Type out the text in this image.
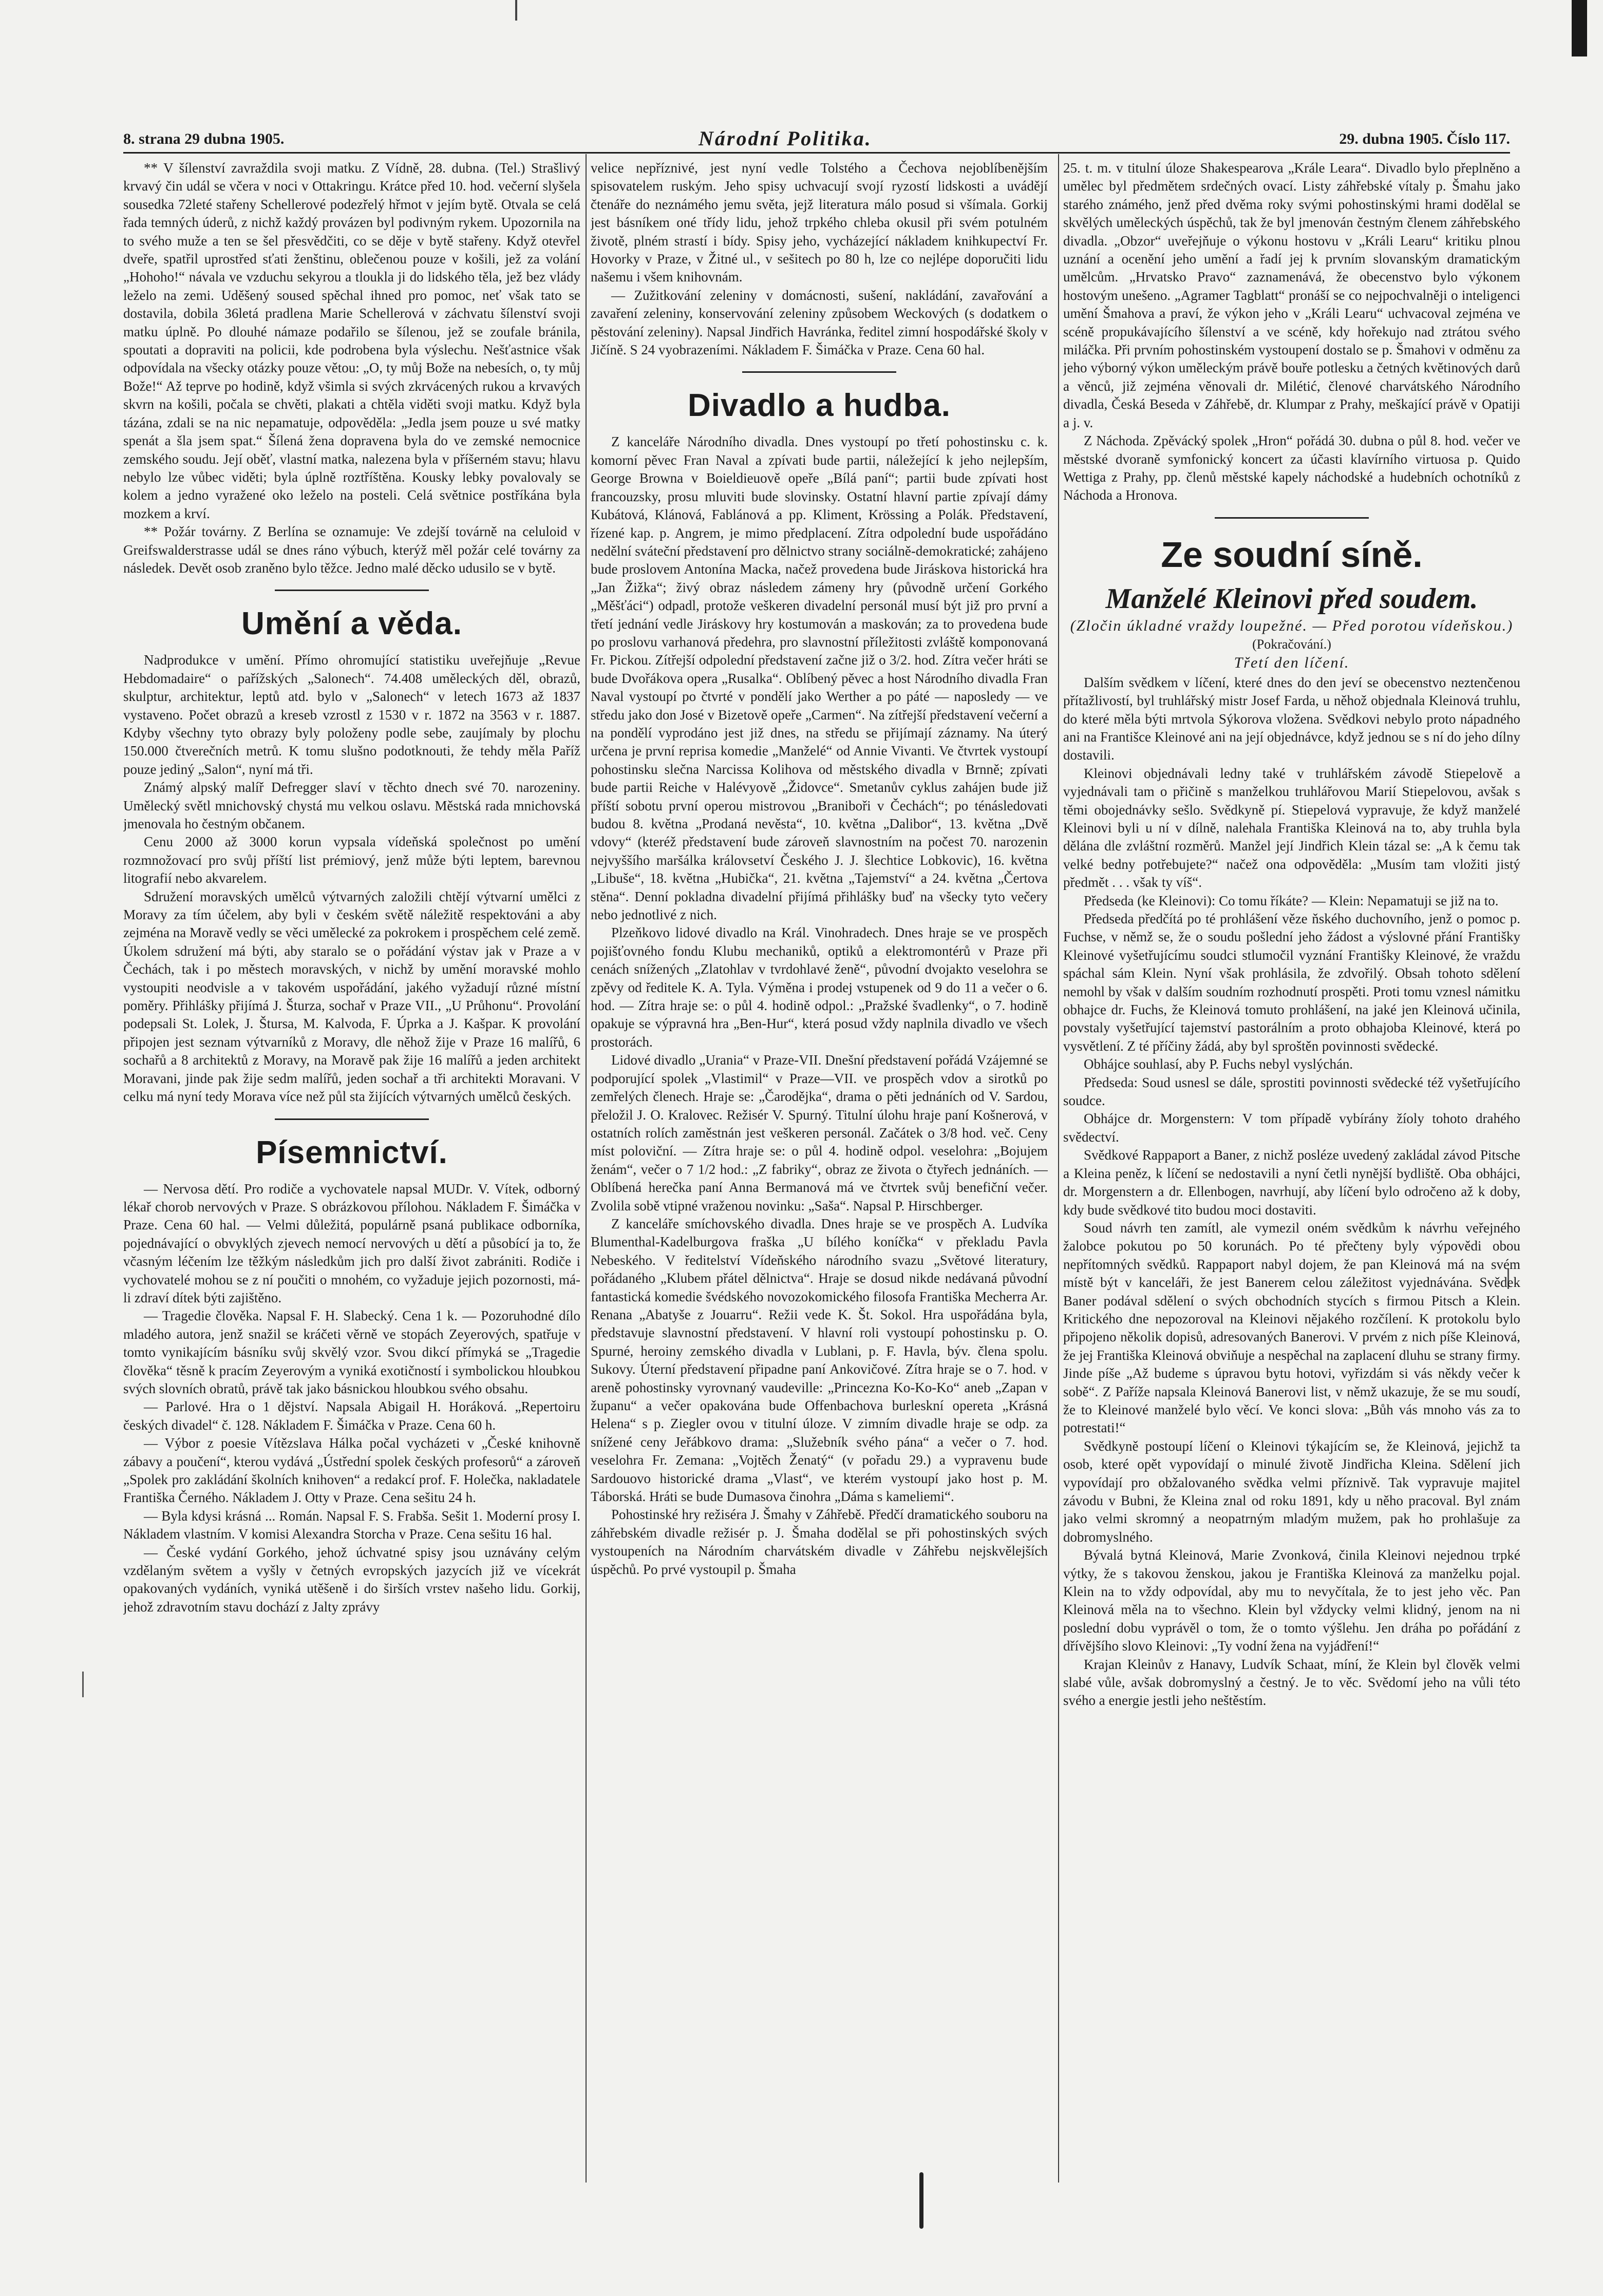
8. strana 29 dubna 1905.	Národní Politika.	29. dubna 1905. Číslo 117.

** V šílenství zavraždila svoji matku. Z Vídně, 28. dubna. (Tel.) Strašlivý krvavý čin udál se včera v noci v Ottakringu. Krátce před 10. hod. večerní slyšela sousedka 72leté stařeny Schellerové podezřelý hřmot v jejím bytě. Otvala se celá řada temných úderů, z nichž každý provázen byl podivným rykem. Upozornila na to svého muže a ten se šel přesvědčiti, co se děje v bytě stařeny. Když otevřel dveře, spatřil uprostřed sťati ženštinu, oblečenou pouze v košili, jež za volání „Hohoho!“ návala ve vzduchu sekyrou a tloukla ji do lidského těla, jež bez vlády leželo na zemi. Uděšený soused spěchal ihned pro pomoc, neť však tato se dostavila, dobila 36letá pradlena Marie Schellerová v záchvatu šílenství svoji matku úplně. Po dlouhé námaze podařilo se šílenou, jež se zoufale bránila, spoutati a dopraviti na policii, kde podrobena byla výslechu. Nešťastnice však odpovídala na všecky otázky pouze větou: „O, ty můj Bože na nebesích, o, ty můj Bože!“ Až teprve po hodině, když všimla si svých zkrvácených rukou a krvavých skvrn na košili, počala se chvěti, plakati a chtěla viděti svoji matku. Když byla tázána, zdali se na nic nepamatuje, odpověděla: „Jedla jsem pouze u své matky spenát a šla jsem spat.“ Šílená žena dopravena byla do ve zemské nemocnice zemského soudu. Její oběť, vlastní matka, nalezena byla v příšerném stavu; hlavu nebylo lze vůbec viděti; byla úplně roztříštěna. Kousky lebky povalovaly se kolem a jedno vyražené oko leželo na posteli. Celá světnice postříkána byla mozkem a krví.

** Požár továrny. Z Berlína se oznamuje: Ve zdejší továrně na celuloid v Greifswalderstrasse udál se dnes ráno výbuch, kterýž měl požár celé továrny za následek. Devět osob zraněno bylo těžce. Jedno malé děcko udusilo se v bytě.

Umění a věda.

Nadprodukce v umění. Přímo ohromující statistiku uveřejňuje „Revue Hebdomadaire“ o pařížských „Salonech“. 74.408 uměleckých děl, obrazů, skulptur, architektur, leptů atd. bylo v „Salonech“ v letech 1673 až 1837 vystaveno. Počet obrazů a kreseb vzrostl z 1530 v r. 1872 na 3563 v r. 1887. Kdyby všechny tyto obrazy byly položeny podle sebe, zaujímaly by plochu 150.000 čtverečních metrů. K tomu slušno podotknouti, že tehdy měla Paříž pouze jediný „Salon“, nyní má tři.

Známý alpský malíř Defregger slaví v těchto dnech své 70. narozeniny. Umělecký světl mnichovský chystá mu velkou oslavu. Městská rada mnichovská jmenovala ho čestným občanem.

Cenu 2000 až 3000 korun vypsala vídeňská společnost po umění rozmnožovací pro svůj příští list prémiový, jenž může býti leptem, barevnou litografií nebo akvarelem.

Sdružení moravských umělců výtvarných založili chtějí výtvarní umělci z Moravy za tím účelem, aby byli v českém světě náležitě respektováni a aby zejména na Moravě vedly se věci umělecké za pokrokem i prospěchem celé země. Úkolem sdružení má býti, aby staralo se o pořádání výstav jak v Praze a v Čechách, tak i po městech moravských, v nichž by umění moravské mohlo vystoupiti neodvisle a v takovém uspořádání, jakého vyžadují různé místní poměry. Přihlášky přijímá J. Šturza, sochař v Praze VII., „U Průhonu“. Provolání podepsali St. Lolek, J. Štursa, M. Kalvoda, F. Úprka a J. Kašpar. K provolání připojen jest seznam výtvarníků z Moravy, dle něhož žije v Praze 16 malířů, 6 sochařů a 8 architektů z Moravy, na Moravě pak žije 16 malířů a jeden architekt Moravani, jinde pak žije sedm malířů, jeden sochař a tři architekti Moravani. V celku má nyní tedy Morava více než půl sta žijících výtvarných umělců českých.

Písemnictví.

— Nervosa dětí. Pro rodiče a vychovatele napsal MUDr. V. Vítek, odborný lékař chorob nervových v Praze. S obrázkovou přílohou. Nákladem F. Šimáčka v Praze. Cena 60 hal. — Velmi důležitá, populárně psaná publikace odborníka, pojednávající o obvyklých zjevech nemocí nervových u dětí a působící ja to, že včasným léčením lze těžkým následkům jich pro další život zabrániti. Rodiče i vychovatelé mohou se z ní poučiti o mnohém, co vyžaduje jejich pozornosti, má-li zdraví dítek býti zajištěno.

— Tragedie člověka. Napsal F. H. Slabecký. Cena 1 k. — Pozoruhodné dílo mladého autora, jenž snažil se kráčeti věrně ve stopách Zeyerových, spatřuje v tomto vynikajícím básníku svůj skvělý vzor. Svou dikcí přímyká se „Tragedie člověka“ těsně k pracím Zeyerovým a vyniká exotičností i symbolickou hloubkou svých slovních obratů, právě tak jako básnickou hloubkou svého obsahu.

— Parlové. Hra o 1 dějství. Napsala Abigail H. Horáková. „Repertoiru českých divadel“ č. 128. Nákladem F. Šimáčka v Praze. Cena 60 h.

— Výbor z poesie Vítězslava Hálka počal vycházeti v „České knihovně zábavy a poučení“, kterou vydává „Ústřední spolek českých profesorů“ a zároveň „Spolek pro zakládání školních knihoven“ a redakcí prof. F. Holečka, nakladatele Františka Černého. Nákladem J. Otty v Praze. Cena sešitu 24 h.

— Byla kdysi krásná ... Román. Napsal F. S. Frabša. Sešit 1. Moderní prosy I. Nákladem vlastním. V komisi Alexandra Storcha v Praze. Cena sešitu 16 hal.

— České vydání Gorkého, jehož úchvatné spisy jsou uznávány celým vzdělaným světem a vyšly v četných evropských jazycích již ve vícekrát opakovaných vydáních, vyniká utěšeně i do širších vrstev našeho lidu. Gorkij, jehož zdravotním stavu dochází z Jalty zprávy

velice nepříznivé, jest nyní vedle Tolstého a Čechova nejoblíbenějším spisovatelem ruským. Jeho spisy uchvacují svojí ryzostí lidskosti a uvádějí čtenáře do neznámého jemu světa, jejž literatura málo posud si všímala. Gorkij jest básníkem oné třídy lidu, jehož trpkého chleba okusil při svém potulném životě, plném strastí i bídy. Spisy jeho, vycházející nákladem knihkupectví Fr. Hovorky v Praze, v Žitné ul., v sešitech po 80 h, lze co nejlépe doporučiti lidu našemu i všem knihovnám.

— Zužitkování zeleniny v domácnosti, sušení, nakládání, zavařování a zavaření zeleniny, konservování zeleniny způsobem Weckových (s dodatkem o pěstování zeleniny). Napsal Jindřich Havránka, ředitel zimní hospodářské školy v Jičíně. S 24 vyobrazeními. Nákladem F. Šimáčka v Praze. Cena 60 hal.

Divadlo a hudba.

Z kanceláře Národního divadla. Dnes vystoupí po třetí pohostinsku c. k. komorní pěvec Fran Naval a zpívati bude partii, náležející k jeho nejlepším, George Browna v Boieldieuově opeře „Bílá paní“; partii bude zpívati host francouzsky, prosu mluviti bude slovinsky. Ostatní hlavní partie zpívají dámy Kubátová, Klánová, Fablánová a pp. Kliment, Krössing a Polák. Představení, řízené kap. p. Angrem, je mimo předplacení. Zítra odpolední bude uspořádáno nedělní sváteční představení pro dělnictvo strany sociálně-demokratické; zahájeno bude proslovem Antonína Macka, načež provedena bude Jiráskova historická hra „Jan Žižka“; živý obraz následem zámeny hry (původně určení Gorkého „Měšťáci“) odpadl, protože veškeren divadelní personál musí být již pro první a třetí jednání vedle Jiráskovy hry kostumován a maskován; za to provedena bude po proslovu varhanová předehra, pro slavnostní příležitosti zvláště komponovaná Fr. Pickou. Zítřejší odpolední představení začne již o 3/2. hod. Zítra večer hráti se bude Dvořákova opera „Rusalka“. Oblíbený pěvec a host Národního divadla Fran Naval vystoupí po čtvrté v pondělí jako Werther a po páté — naposledy — ve středu jako don José v Bizetově opeře „Carmen“. Na zítřejší představení večerní a na pondělí vyprodáno jest již dnes, na středu se přijímají záznamy. Na úterý určena je první reprisa komedie „Manželé“ od Annie Vivanti. Ve čtvrtek vystoupí pohostinsku slečna Narcissa Kolihova od městského divadla v Brnně; zpívati bude partii Reiche v Halévyově „Židovce“. Smetanův cyklus zahájen bude již příští sobotu první operou mistrovou „Braniboři v Čechách“; po ténásledovati budou 8. května „Prodaná nevěsta“, 10. května „Dalibor“, 13. května „Dvě vdovy“ (kteréž představení bude zároveň slavnostním na počest 70. narozenin nejvyššího maršálka královsetví Českého J. J. šlechtice Lobkovic), 16. května „Libuše“, 18. května „Hubička“, 21. května „Tajemství“ a 24. května „Čertova stěna“. Denní pokladna divadelní přijímá přihlášky buď na všecky tyto večery nebo jednotlivé z nich.

Plzeňkovo lidové divadlo na Král. Vinohradech. Dnes hraje se ve prospěch pojišťovného fondu Klubu mechaniků, optiků a elektromontérů v Praze při cenách snížených „Zlatohlav v tvrdohlavé ženě“, původní dvojakto veselohra se zpěvy od ředitele K. A. Tyla. Výměna i prodej vstupenek od 9 do 11 a večer o 6. hod. — Zítra hraje se: o půl 4. hodině odpol.: „Pražské švadlenky“, o 7. hodině opakuje se výpravná hra „Ben-Hur“, která posud vždy naplnila divadlo ve všech prostorách.

Lidové divadlo „Urania“ v Praze-VII. Dnešní představení pořádá Vzájemné se podporující spolek „Vlastimil“ v Praze—VII. ve prospěch vdov a sirotků po zemřelých členech. Hraje se: „Čarodějka“, drama o pěti jednáních od V. Sardou, přeložil J. O. Kralovec. Režisér V. Spurný. Titulní úlohu hraje paní Košnerová, v ostatních rolích zaměstnán jest veškeren personál. Začátek o 3/8 hod. več. Ceny míst poloviční. — Zítra hraje se: o půl 4. hodině odpol. veselohra: „Bojujem ženám“, večer o 7 1/2 hod.: „Z fabriky“, obraz ze života o čtyřech jednáních. — Oblíbená herečka paní Anna Bermanová má ve čtvrtek svůj benefiční večer. Zvolila sobě vtipné vraženou novinku: „Saša“. Napsal P. Hirschberger.

Z kanceláře smíchovského divadla. Dnes hraje se ve prospěch A. Ludvíka Blumenthal-Kadelburgova fraška „U bílého koníčka“ v překladu Pavla Nebeského. V ředitelství Vídeňského národního svazu „Světové literatury, pořádaného „Klubem přátel dělnictva“. Hraje se dosud nikde nedávaná původní fantastická komedie švédského novozokomického filosofa Františka Mecherra Ar. Renana „Abatyše z Jouarru“. Režii vede K. Št. Sokol. Hra uspořádána byla, představuje slavnostní představení. V hlavní roli vystoupí pohostinsku p. O. Spurné, heroiny zemského divadla v Lublani, p. F. Havla, býv. člena spolu. Sukovy. Úterní představení připadne paní Ankovičové. Zítra hraje se o 7. hod. v areně pohostinsky vyrovnaný vaudeville: „Princezna Ko-Ko-Ko“ aneb „Zapan v županu“ a večer opakována bude Offenbachova burleskní opereta „Krásná Helena“ s p. Ziegler ovou v titulní úloze. V zimním divadle hraje se odp. za snížené ceny Jeřábkovo drama: „Služebník svého pána“ a večer o 7. hod. veselohra Fr. Zemana: „Vojtěch Ženatý“ (v pořadu 29.) a vypravenu bude Sardouovo historické drama „Vlast“, ve kterém vystoupí jako host p. M. Táborská. Hráti se bude Dumasova činohra „Dáma s kameliemi“.

Pohostinské hry režiséra J. Šmahy v Záhřebě. Předčí dramatického souboru na záhřebském divadle režisér p. J. Šmaha dodělal se při pohostinských svých vystoupeních na Národním charvátském divadle v Záhřebu nejskvělejších úspěchů. Po prvé vystoupil p. Šmaha

25. t. m. v titulní úloze Shakespearova „Krále Leara“. Divadlo bylo přeplněno a umělec byl předmětem srdečných ovací. Listy záhřebské vítaly p. Šmahu jako starého známého, jenž před dvěma roky svými pohostinskými hrami dodělal se skvělých uměleckých úspěchů, tak že byl jmenován čestným členem záhřebského divadla. „Obzor“ uveřejňuje o výkonu hostovu v „Králi Learu“ kritiku plnou uznání a ocenění jeho umění a řadí jej k prvním slovanským dramatickým umělcům. „Hrvatsko Pravo“ zaznamenává, že obecenstvo bylo výkonem hostovým unešeno. „Agramer Tagblatt“ pronáší se co nejpochvalněji o inteligenci umění Šmahova a praví, že výkon jeho v „Králi Learu“ uchvacoval zejména ve scéně propukávajícího šílenství a ve scéně, kdy hořekujo nad ztrátou svého miláčka. Při prvním pohostinském vystoupení dostalo se p. Šmahovi v odměnu za jeho výborný výkon uměleckým právě bouře potlesku a četných květinových darů a věnců, již zejména věnovali dr. Milétić, členové charvátského Národního divadla, Česká Beseda v Záhřebě, dr. Klumpar z Prahy, meškající právě v Opatiji a j. v.

Z Náchoda. Zpěvácký spolek „Hron“ pořádá 30. dubna o půl 8. hod. večer ve městské dvoraně symfonický koncert za účasti klavírního virtuosa p. Quido Wettiga z Prahy, pp. členů městské kapely náchodské a hudebních ochotníků z Náchoda a Hronova.

Ze soudní síně.
Manželé Kleinovi před soudem.
(Zločin úkladné vraždy loupežné. — Před porotou vídeňskou.)
(Pokračování.)
Třetí den líčení.

Dalším svědkem v líčení, které dnes do den jeví se obecenstvo neztenčenou přítažlivostí, byl truhlářský mistr Josef Farda, u něhož objednala Kleinová truhlu, do které měla býti mrtvola Sýkorova vložena. Svědkovi nebylo proto nápadného ani na Františce Kleinové ani na její objednávce, když jednou se s ní do jeho dílny dostavili.

Kleinovi objednávali ledny také v truhlářském závodě Stiepelově a vyjednávali tam o přičině s manželkou truhlářovou Marií Stiepelovou, avšak s těmi obojednávky sešlo. Svědkyně pí. Stiepelová vypravuje, že když manželé Kleinovi byli u ní v dílně, nalehala Františka Kleinová na to, aby truhla byla dělána dle zvláštní rozměrů. Manžel její Jindřich Klein tázal se: „A k čemu tak velké bedny potřebujete?“ načež ona odpověděla: „Musím tam vložiti jistý předmět . . . však ty víš“.

Předseda (ke Kleinovi): Co tomu říkáte? — Klein: Nepamatuji se již na to.

Předseda předčítá po té prohlášení věze ňského duchovního, jenž o pomoc p. Fuchse, v němž se, že o soudu pošlední jeho žádost a výslovné přání Františky Kleinové vyšetřujícímu soudci stlumočil vyznání Františky Kleinové, že vraždu spáchal sám Klein. Nyní však prohlásila, že zdvořilý. Obsah tohoto sdělení nemohl by však v dalším soudním rozhodnutí prospěti. Proti tomu vznesl námitku obhajce dr. Fuchs, že Kleinová tomuto prohlášení, na jaké jen Kleinová učinila, povstaly vyšetřující tajemství pastorálním a proto obhajoba Kleinové, která po vysvětlení. Z té příčiny žádá, aby byl sproštěn povinnosti svědecké.

Obhájce souhlasí, aby P. Fuchs nebyl vyslýchán.

Předseda: Soud usnesl se dále, sprostiti povinnosti svědecké též vyšetřujícího soudce.

Obhájce dr. Morgenstern: V tom případě vybírány žíoly tohoto drahého svědectví.

Svědkové Rappaport a Baner, z nichž posléze uvedený zakládal závod Pitsche a Kleina peněz, k líčení se nedostavili a nyní četli nynější bydliště. Oba obhájci, dr. Morgenstern a dr. Ellenbogen, navrhují, aby líčení bylo odročeno až k doby, kdy bude svědkové tito budou moci dostaviti.

Soud návrh ten zamítl, ale vymezil oném svědkům k návrhu veřejného žalobce pokutou po 50 korunách. Po té přečteny byly výpovědi obou nepřítomných svědků. Rappaport nabyl dojem, že pan Kleinová má na svém místě být v kanceláři, že jest Banerem celou záležitost vyjednávána. Svědek Baner podával sdělení o svých obchodních stycích s firmou Pitsch a Klein. Kritického dne nepozoroval na Kleinovi nějakého rozčílení. K protokolu bylo připojeno několik dopisů, adresovaných Banerovi. V prvém z nich píše Kleinová, že jej Františka Kleinová obviňuje a nespěchal na zaplacení dluhu se strany firmy. Jinde píše „Až budeme s úpravou bytu hotovi, vyřizdám si vás někdy večer k sobě“. Z Paříže napsala Kleinová Banerovi list, v němž ukazuje, že se mu soudí, že to Kleinové manželé bylo věcí. Ve konci slova: „Bůh vás mnoho vás za to potrestati!“

Svědkyně postoupí líčení o Kleinovi týkajícím se, že Kleinová, jejichž ta osob, které opět vypovídají o minulé životě Jindřicha Kleina. Sdělení jich vypovídají pro obžalovaného svědka velmi příznivě. Tak vypravuje majitel závodu v Bubni, že Kleina znal od roku 1891, kdy u něho pracoval. Byl znám jako velmi skromný a neopatrným mladým mužem, pak ho prohlašuje za dobromyslného.

Bývalá bytná Kleinová, Marie Zvonková, činila Kleinovi nejednou trpké výtky, že s takovou ženskou, jakou je Františka Kleinová za manželku pojal. Klein na to vždy odpovídal, aby mu to nevyčítala, že to jest jeho věc. Pan Kleinová měla na to všechno. Klein byl vždycky velmi klidný, jenom na ni poslední dobu vyprávěl o tom, že o tomto výšlehu. Jen dráha po pořádání z dřívějšího slovo Kleinovi: „Ty vodní žena na vyjádření!“

Krajan Kleinův z Hanavy, Ludvík Schaat, míní, že Klein byl člověk velmi slabé vůle, avšak dobromyslný a čestný. Je to věc. Svědomí jeho na vůli této svého a energie jestli jeho neštěstím.
